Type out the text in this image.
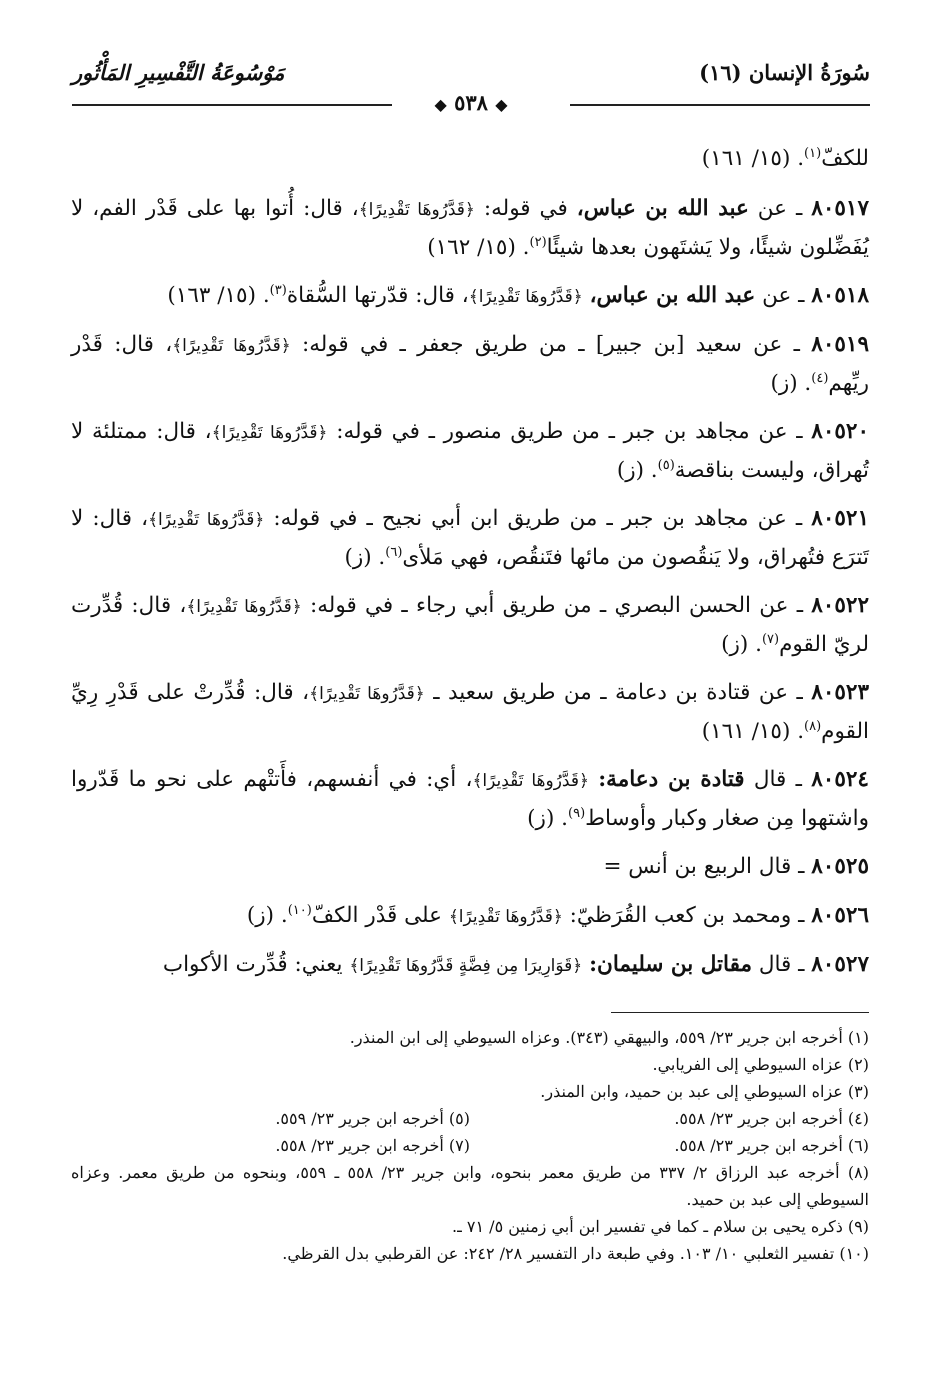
سُورَةُ الإنسان (١٦)
مَوْسُوعَةُ التَّفْسِيرِ المَأْثُور
◆ ٥٣٨ ◆
للكفّ$^{(١)}$. (١٥/ ١٦١)
٨٠٥١٧ ـ عن عبد الله بن عباس، في قوله: ﴿قَدَّرُوهَا تَقْدِيرًا﴾، قال: أُتوا بها على قَدْر الفم، لا يُفَضِّلون شيئًا، ولا يَشتَهون بعدها شيئًا$^{(٢)}$. (١٥/ ١٦٢)
٨٠٥١٨ ـ عن عبد الله بن عباس، ﴿قَدَّرُوهَا تَقْدِيرًا﴾، قال: قدّرتها السُّقاة$^{(٣)}$. (١٥/ ١٦٣)
٨٠٥١٩ ـ عن سعيد [بن جبير] ـ من طريق جعفر ـ في قوله: ﴿قَدَّرُوهَا تَقْدِيرًا﴾، قال: قَدْر ريِّهم$^{(٤)}$. (ز)
٨٠٥٢٠ ـ عن مجاهد بن جبر ـ من طريق منصور ـ في قوله: ﴿قَدَّرُوهَا تَقْدِيرًا﴾، قال: ممتلئة لا تُهراق، وليست بناقصة$^{(٥)}$. (ز)
٨٠٥٢١ ـ عن مجاهد بن جبر ـ من طريق ابن أبي نجيح ـ في قوله: ﴿قَدَّرُوهَا تَقْدِيرًا﴾، قال: لا تَترَع فتُهراق، ولا يَنقُصون من مائها فتَنقُص، فهي مَلأى$^{(٦)}$. (ز)
٨٠٥٢٢ ـ عن الحسن البصري ـ من طريق أبي رجاء ـ في قوله: ﴿قَدَّرُوهَا تَقْدِيرًا﴾، قال: قُدِّرت لريّ القوم$^{(٧)}$. (ز)
٨٠٥٢٣ ـ عن قتادة بن دعامة ـ من طريق سعيد ـ ﴿قَدَّرُوهَا تَقْدِيرًا﴾، قال: قُدِّرتْ على قَدْرِ رِيِّ القوم$^{(٨)}$. (١٥/ ١٦١)
٨٠٥٢٤ ـ قال قتادة بن دعامة: ﴿قَدَّرُوهَا تَقْدِيرًا﴾، أي: في أنفسهم، فأَتتْهم على نحو ما قَدّروا واشتهوا مِن صغار وكبار وأوساط$^{(٩)}$. (ز)
٨٠٥٢٥ ـ قال الربيع بن أنس =
٨٠٥٢٦ ـ ومحمد بن كعب القُرَظيّ: ﴿قَدَّرُوهَا تَقْدِيرًا﴾ على قَدْر الكفّ$^{(١٠)}$. (ز)
٨٠٥٢٧ ـ قال مقاتل بن سليمان: ﴿قَوَارِيرَا مِن فِضَّةٍ قَدَّرُوهَا تَقْدِيرًا﴾ يعني: قُدِّرت الأكواب
(١) أخرجه ابن جرير ٢٣/ ٥٥٩، والبيهقي (٣٤٣). وعزاه السيوطي إلى ابن المنذر.
(٢) عزاه السيوطي إلى الفريابي.
(٣) عزاه السيوطي إلى عبد بن حميد، وابن المنذر.
(٤) أخرجه ابن جرير ٢٣/ ٥٥٨.
(٥) أخرجه ابن جرير ٢٣/ ٥٥٩.
(٦) أخرجه ابن جرير ٢٣/ ٥٥٨.
(٧) أخرجه ابن جرير ٢٣/ ٥٥٨.
(٨) أخرجه عبد الرزاق ٢/ ٣٣٧ من طريق معمر بنحوه، وابن جرير ٢٣/ ٥٥٨ ـ ٥٥٩، وبنحوه من طريق معمر. وعزاه السيوطي إلى عبد بن حميد.
(٩) ذكره يحيى بن سلام ـ كما في تفسير ابن أبي زمنين ٥/ ٧١ ـ.
(١٠) تفسير الثعلبي ١٠/ ١٠٣. وفي طبعة دار التفسير ٢٨/ ٢٤٢: عن القرطبي بدل القرظي.
